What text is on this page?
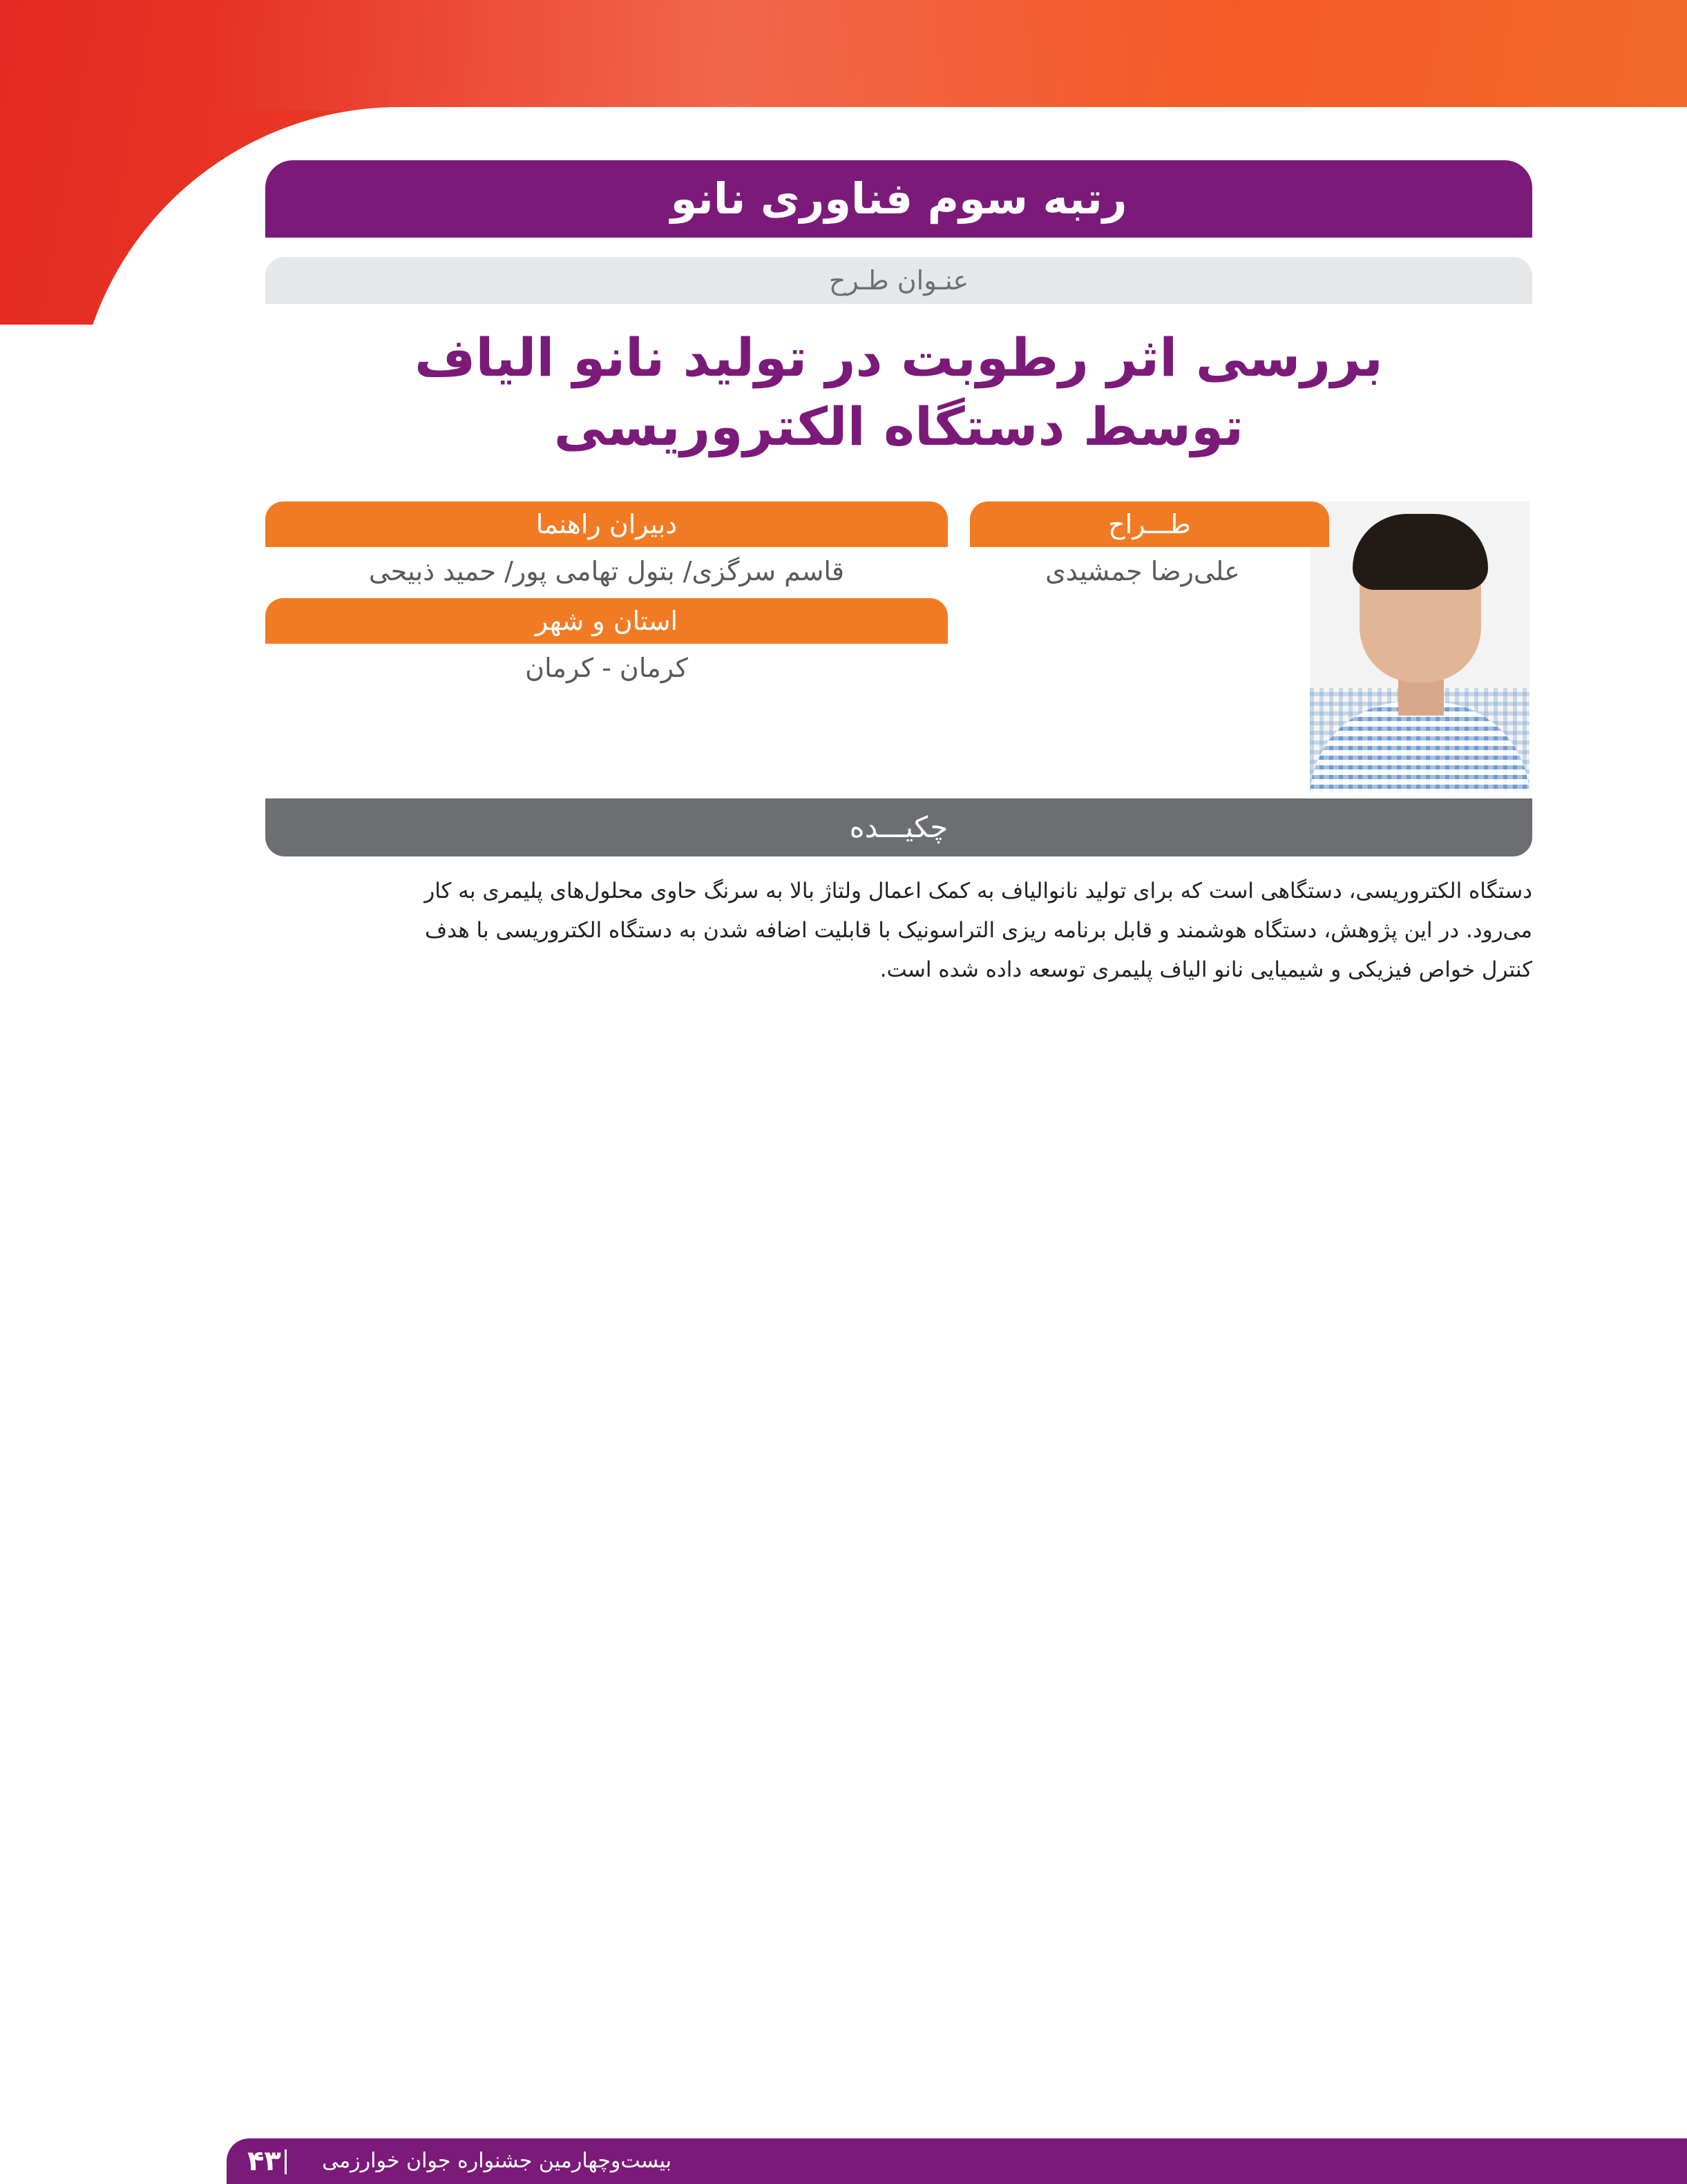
رتبه سوم فناوری نانو
عنـوان طـرح
بررسی اثر رطوبت در تولید نانو الیاف
توسط دستگاه الکتروریسی
طـــراح
علی‌رضا جمشیدی
دبیران راهنما
قاسم سرگزی/ بتول تهامی پور/ حمید ذبیحی
استان و شهر
کرمان - کرمان
چکیـــده
دستگاه الکتروریسی، دستگاهی است که برای تولید نانوالیاف به کمک اعمال ولتاژ بالا به سرنگ حاوی محلول‌های پلیمری به کار
می‌رود. در این پژوهش، دستگاه هوشمند و قابل برنامه ریزی التراسونیک با قابلیت اضافه شدن به دستگاه الکتروریسی با هدف
کنترل خواص فیزیکی و شیمیایی نانو الیاف پلیمری توسعه داده شده است.
بیست‌وچهارمین جشنواره جوان خوارزمی
۴۳
